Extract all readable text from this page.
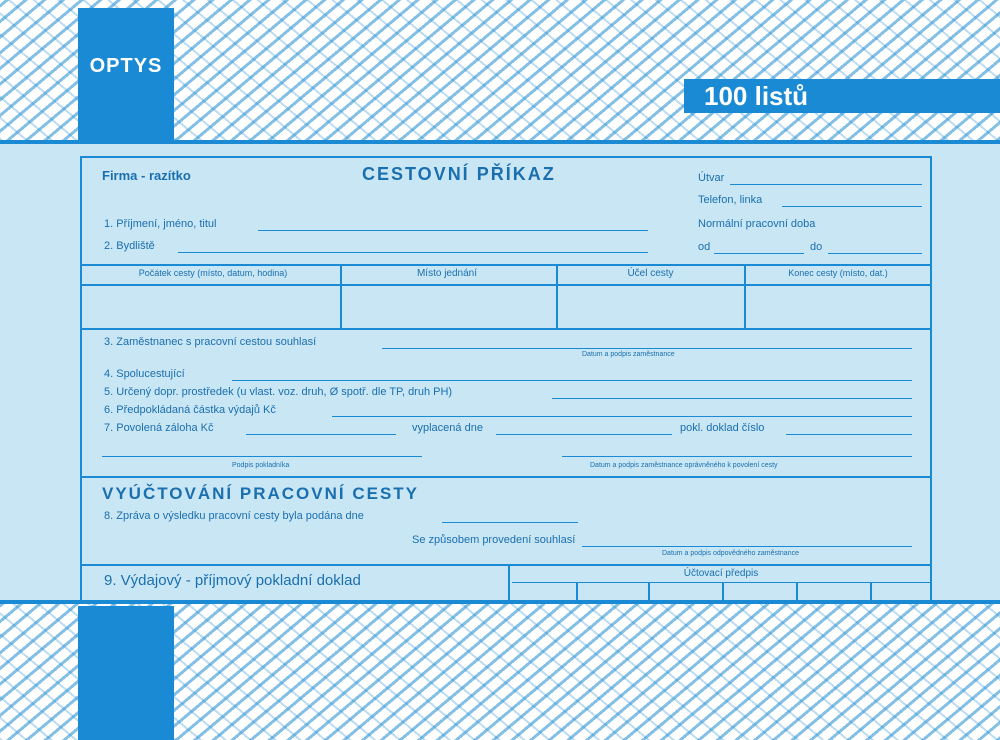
OPTYS
100 listů
Firma - razítko	CESTOVNÍ PŘÍKAZ	Útvar
Telefon, linka
Normální pracovní doba
od	do
1. Příjmení, jméno, titul
2. Bydliště
Počátek cesty (místo, datum, hodina)	Místo jednání	Účel cesty	Konec cesty (místo, dat.)
3. Zaměstnanec s pracovní cestou souhlasí
Datum a podpis zaměstnance
4. Spolucestující
5. Určený dopr. prostředek (u vlast. voz. druh, Ø spotř. dle TP, druh PH)
6. Předpokládaná částka výdajů Kč
7. Povolená záloha Kč	vyplacená dne	pokl. doklad číslo
Podpis pokladníka	Datum a podpis zaměstnance oprávněného k povolení cesty
VYÚČTOVÁNÍ PRACOVNÍ CESTY
8. Zpráva o výsledku pracovní cesty byla podána dne
Se způsobem provedení souhlasí
Datum a podpis odpovědného zaměstnance
9. Výdajový - příjmový pokladní doklad	Účtovací předpis
